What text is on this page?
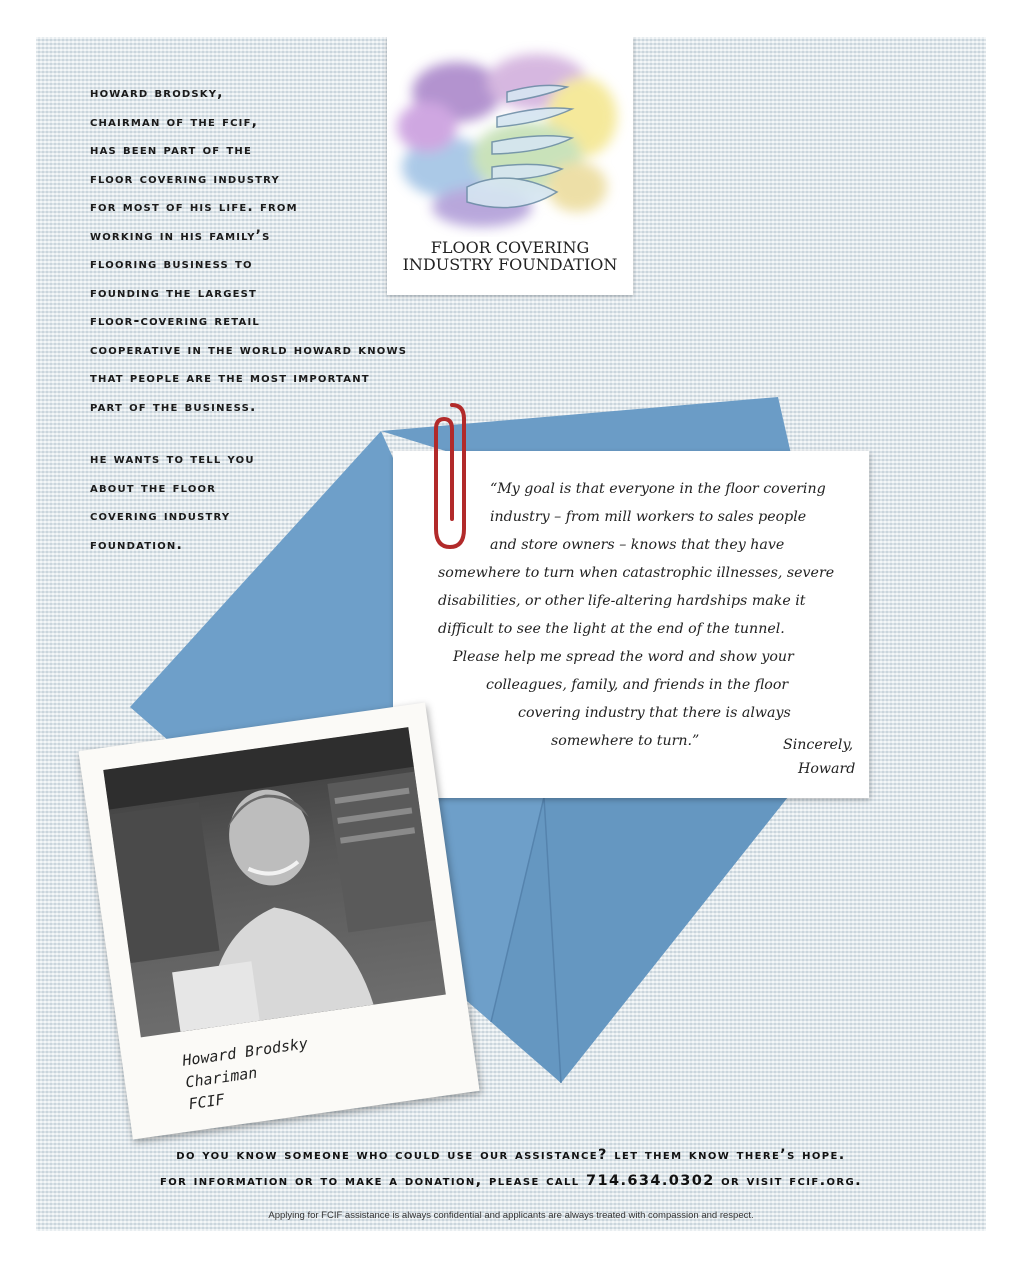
howard brodsky,
chairman of the fcif,
has been part of the
floor covering industry
for most of his life. from
working in his family’s
flooring business to
founding the largest
floor-covering retail
cooperative in the world howard knows
that people are the most important
part of the business.

he wants to tell you
about the floor
covering industry
foundation.

FLOOR COVERING
INDUSTRY FOUNDATION
“My goal is that everyone in the floor covering
industry – from mill workers to sales people
and store owners – knows that they have
somewhere to turn when catastrophic illnesses, severe
disabilities, or other life-altering hardships make it
difficult to see the light at the end of the tunnel.
Please help me spread the word and show your
colleagues, family, and friends in the floor
covering industry that there is always
somewhere to turn.”	Sincerely,
Howard
Howard Brodsky
Chariman
FCIF
do you know someone who could use our assistance? let them know there’s hope.
for information or to make a donation, please call 714.634.0302 or visit fcif.org.
Applying for FCIF assistance is always confidential and applicants are always treated with compassion and respect.
